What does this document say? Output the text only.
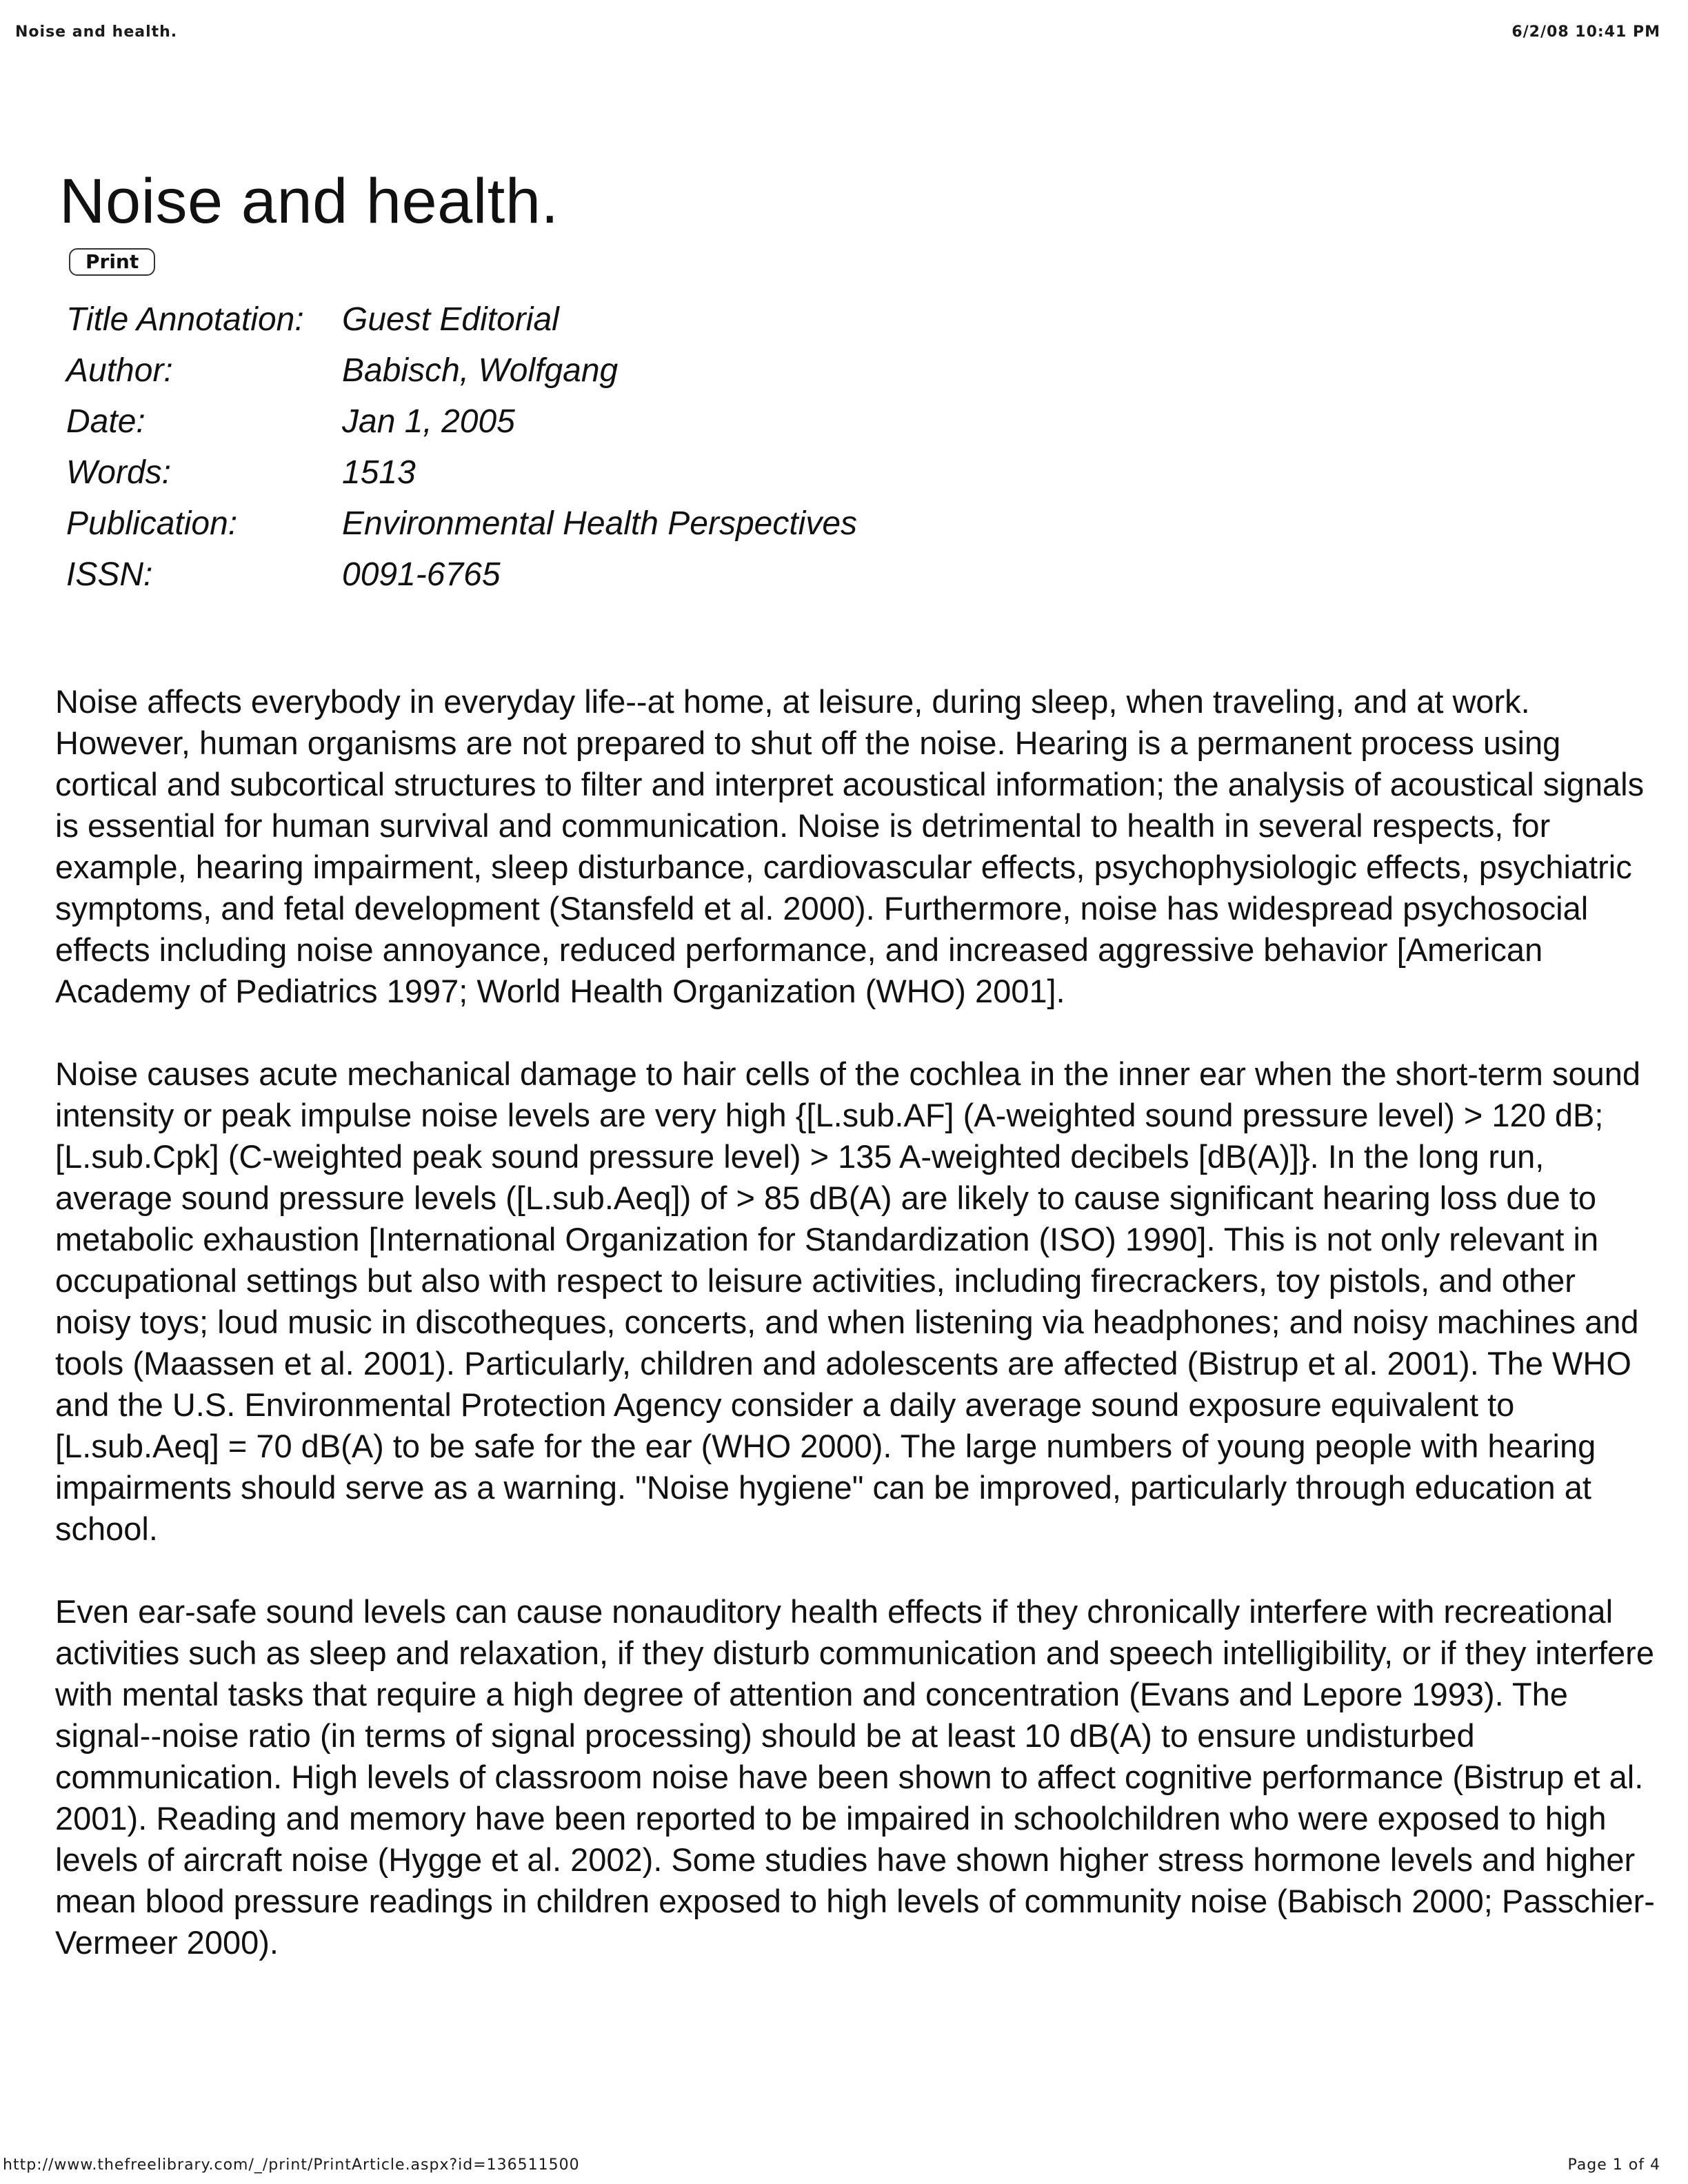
Noise and health.	6/2/08 10:41 PM
Noise and health.
Print
Title Annotation:	Guest Editorial
Author:	Babisch, Wolfgang
Date:	Jan 1, 2005
Words:	1513
Publication:	Environmental Health Perspectives
ISSN:	0091-6765

Noise affects everybody in everyday life--at home, at leisure, during sleep, when traveling, and at work. However, human organisms are not prepared to shut off the noise. Hearing is a permanent process using cortical and subcortical structures to filter and interpret acoustical information; the analysis of acoustical signals is essential for human survival and communication. Noise is detrimental to health in several respects, for example, hearing impairment, sleep disturbance, cardiovascular effects, psychophysiologic effects, psychiatric symptoms, and fetal development (Stansfeld et al. 2000). Furthermore, noise has widespread psychosocial effects including noise annoyance, reduced performance, and increased aggressive behavior [American Academy of Pediatrics 1997; World Health Organization (WHO) 2001].

Noise causes acute mechanical damage to hair cells of the cochlea in the inner ear when the short-term sound intensity or peak impulse noise levels are very high {[L.sub.AF] (A-weighted sound pressure level) > 120 dB; [L.sub.Cpk] (C-weighted peak sound pressure level) > 135 A-weighted decibels [dB(A)]}. In the long run, average sound pressure levels ([L.sub.Aeq]) of > 85 dB(A) are likely to cause significant hearing loss due to metabolic exhaustion [International Organization for Standardization (ISO) 1990]. This is not only relevant in occupational settings but also with respect to leisure activities, including firecrackers, toy pistols, and other noisy toys; loud music in discotheques, concerts, and when listening via headphones; and noisy machines and tools (Maassen et al. 2001). Particularly, children and adolescents are affected (Bistrup et al. 2001). The WHO and the U.S. Environmental Protection Agency consider a daily average sound exposure equivalent to [L.sub.Aeq] = 70 dB(A) to be safe for the ear (WHO 2000). The large numbers of young people with hearing impairments should serve as a warning. "Noise hygiene" can be improved, particularly through education at school.

Even ear-safe sound levels can cause nonauditory health effects if they chronically interfere with recreational activities such as sleep and relaxation, if they disturb communication and speech intelligibility, or if they interfere with mental tasks that require a high degree of attention and concentration (Evans and Lepore 1993). The signal--noise ratio (in terms of signal processing) should be at least 10 dB(A) to ensure undisturbed communication. High levels of classroom noise have been shown to affect cognitive performance (Bistrup et al. 2001). Reading and memory have been reported to be impaired in schoolchildren who were exposed to high levels of aircraft noise (Hygge et al. 2002). Some studies have shown higher stress hormone levels and higher mean blood pressure readings in children exposed to high levels of community noise (Babisch 2000; Passchier-Vermeer 2000).

http://www.thefreelibrary.com/_/print/PrintArticle.aspx?id=136511500	Page 1 of 4
